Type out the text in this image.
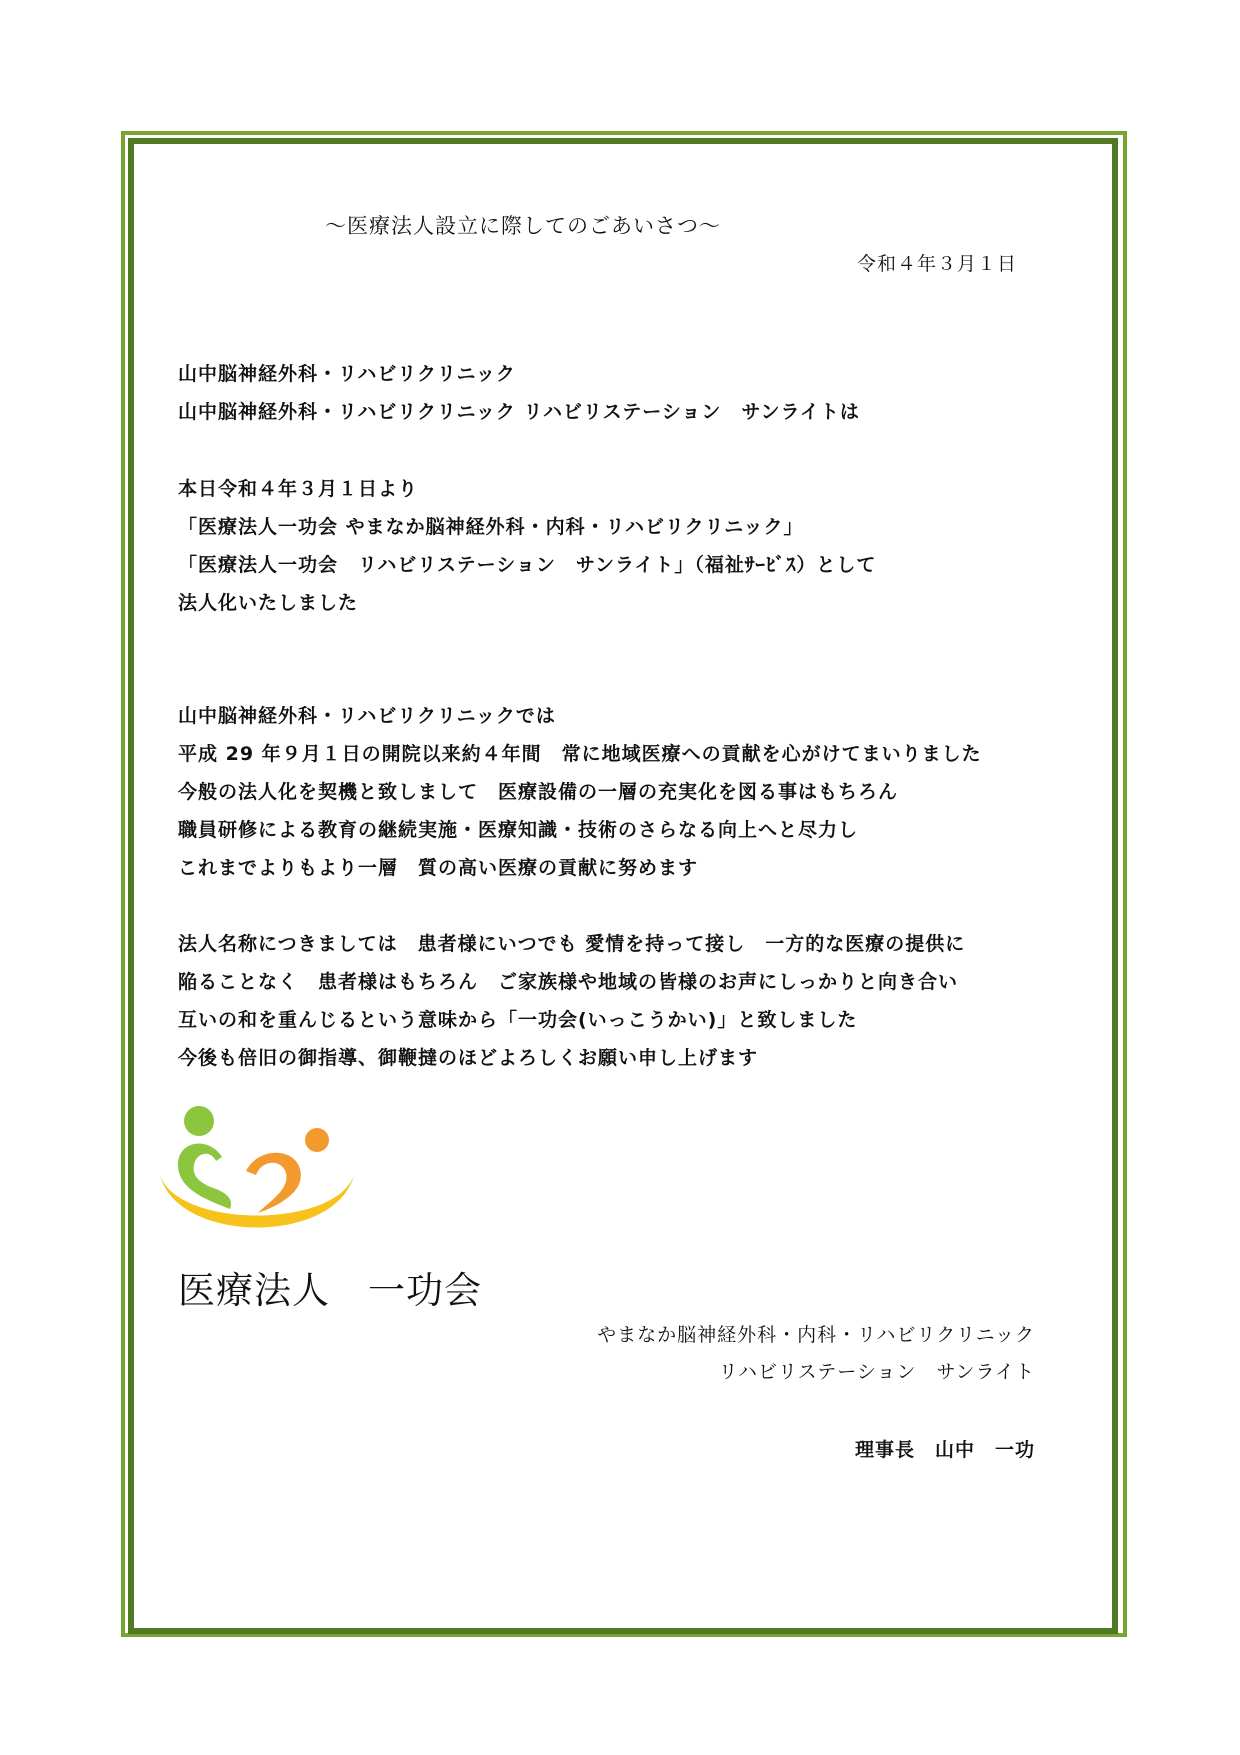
〜医療法人設立に際してのごあいさつ〜
令和４年３月１日
山中脳神経外科・リハビリクリニック
山中脳神経外科・リハビリクリニック リハビリステーション　サンライトは
本日令和４年３月１日より
「医療法人一功会 やまなか脳神経外科・内科・リハビリクリニック」
「医療法人一功会　リハビリステーション　サンライト」（福祉ｻｰﾋﾞｽ）として
法人化いたしました
山中脳神経外科・リハビリクリニックでは
平成 29 年９月１日の開院以来約４年間　常に地域医療への貢献を心がけてまいりました
今般の法人化を契機と致しまして　医療設備の一層の充実化を図る事はもちろん
職員研修による教育の継続実施・医療知識・技術のさらなる向上へと尽力し
これまでよりもより一層　質の高い医療の貢献に努めます
法人名称につきましては　患者様にいつでも 愛情を持って接し　一方的な医療の提供に
陥ることなく　患者様はもちろん　ご家族様や地域の皆様のお声にしっかりと向き合い
互いの和を重んじるという意味から「一功会(いっこうかい)」と致しました
今後も倍旧の御指導、御鞭撻のほどよろしくお願い申し上げます
医療法人　一功会
やまなか脳神経外科・内科・リハビリクリニック
リハビリステーション　サンライト
理事長　山中　一功
